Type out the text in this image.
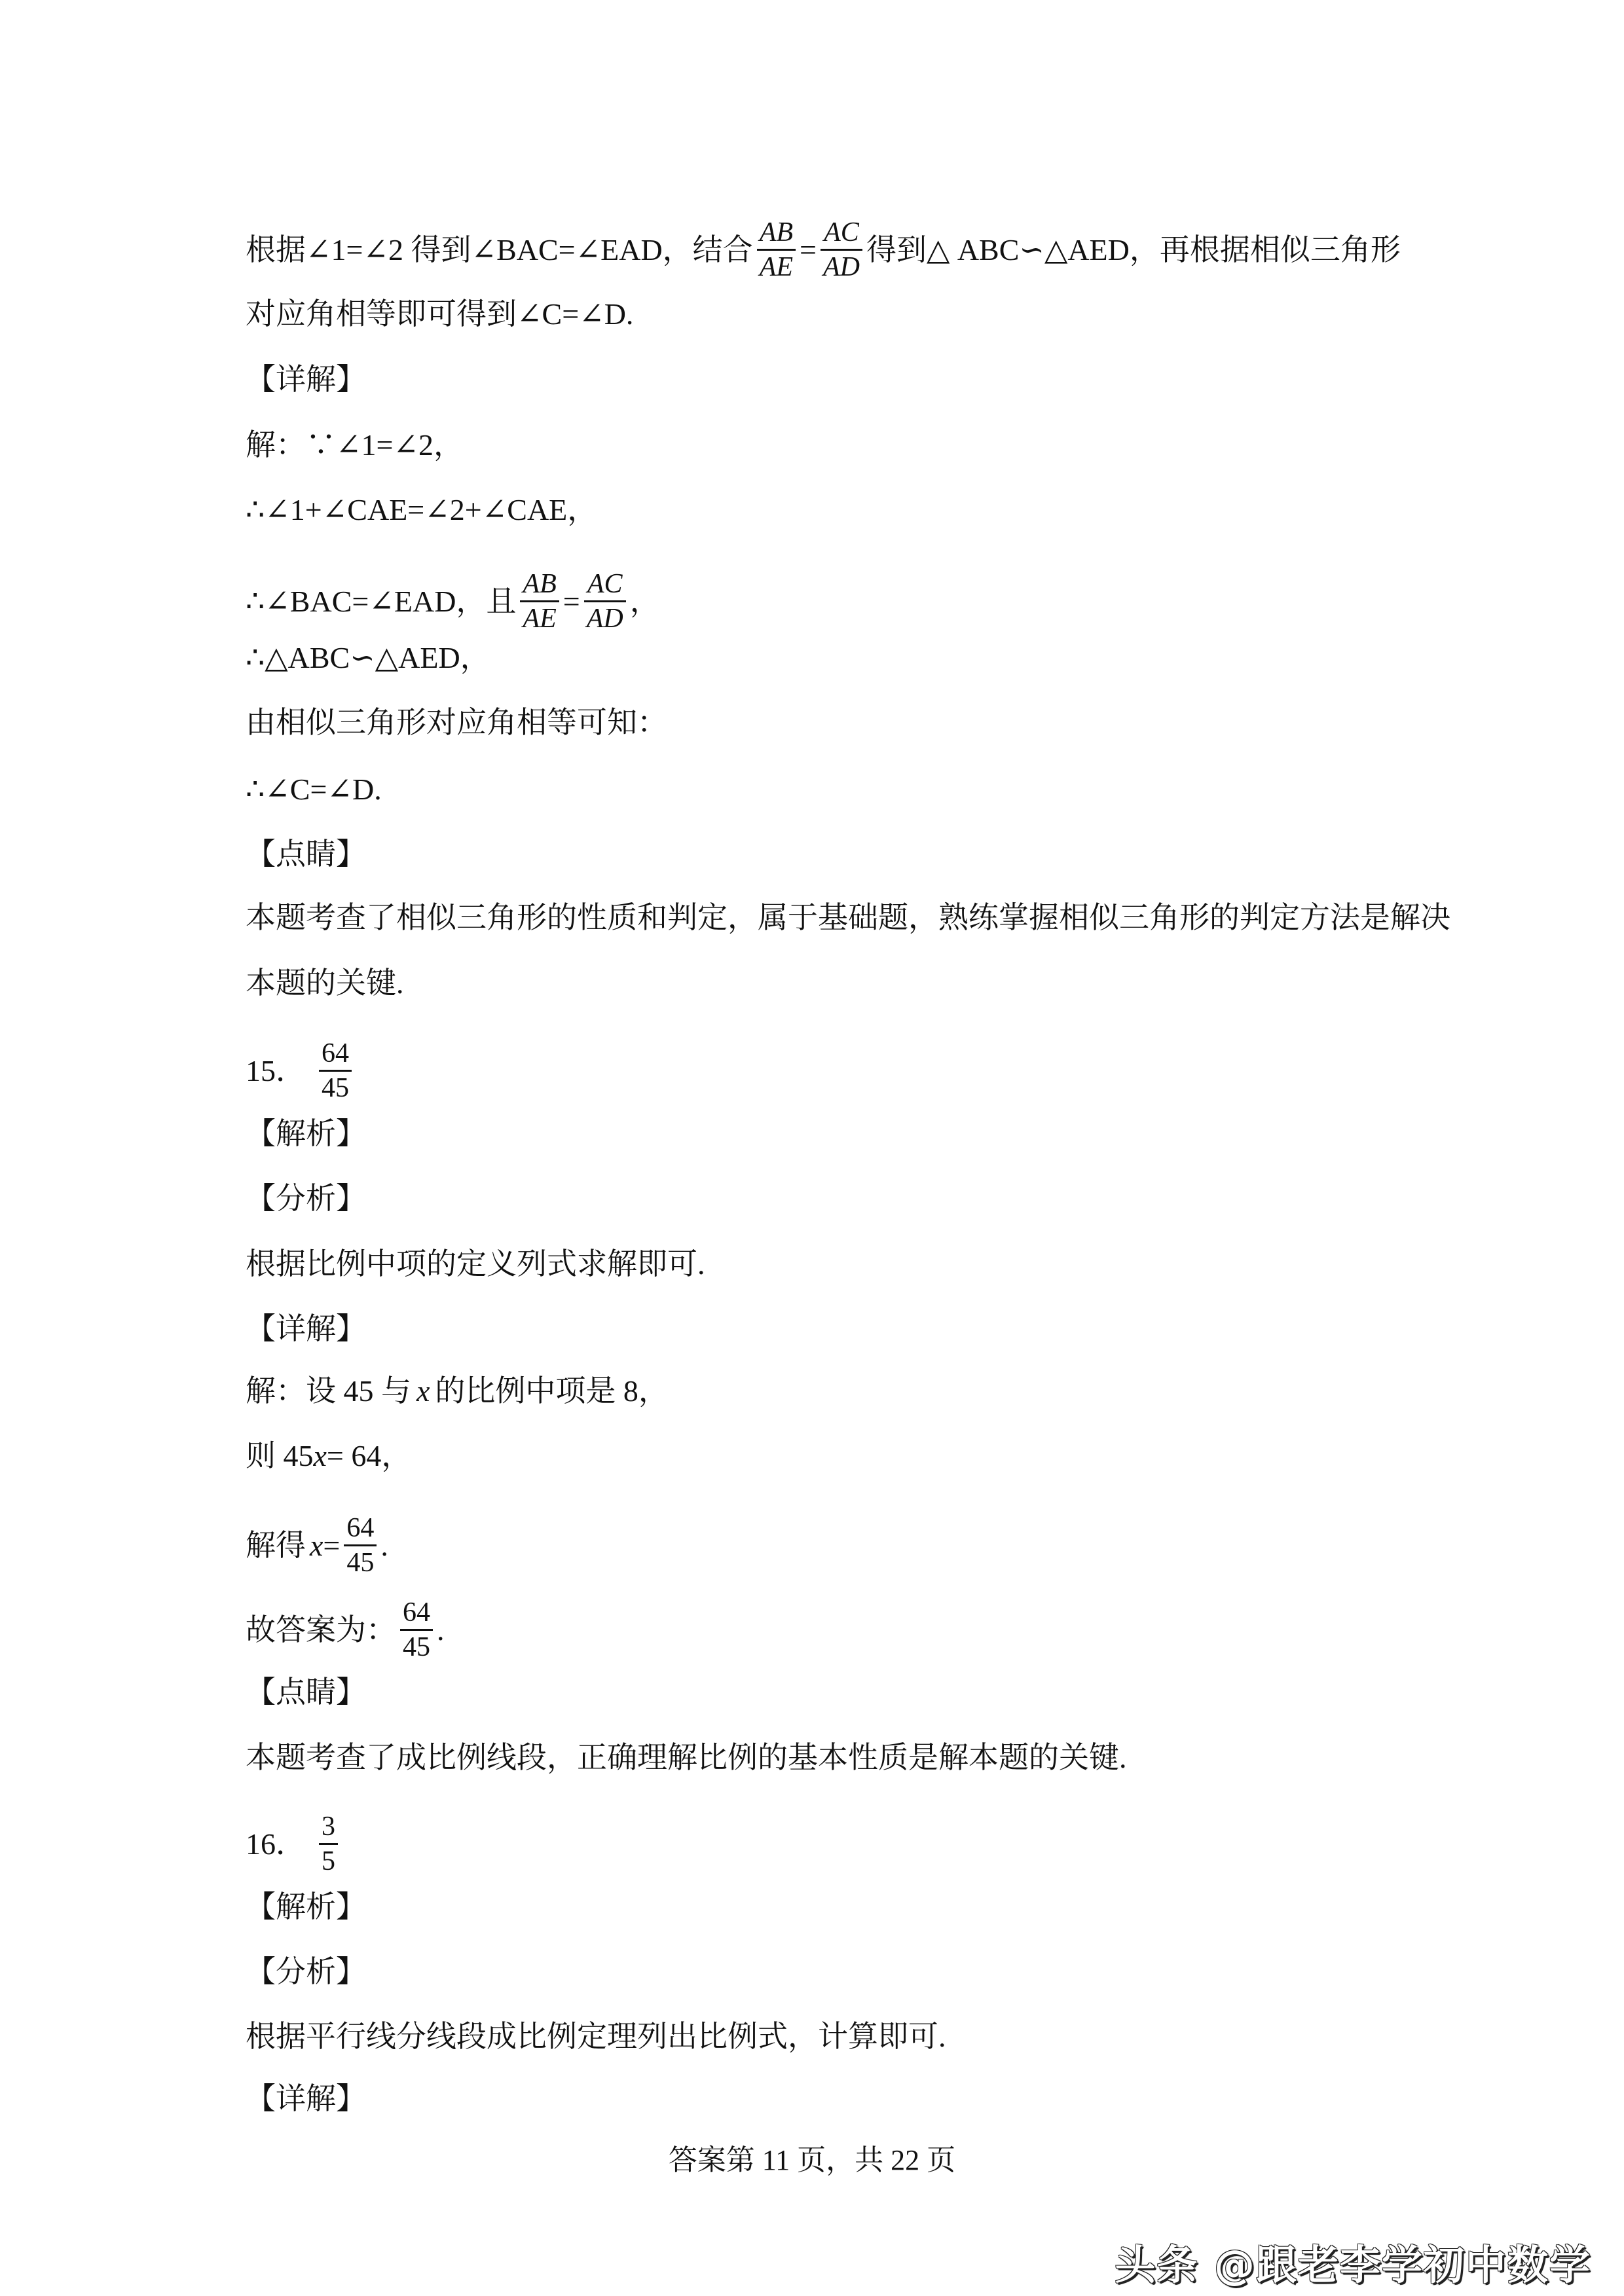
根据∠1=∠2 得到∠BAC=∠EAD，结合 $\frac{AB}{AE} = \frac{AC}{AD}$ 得到△ ABC∽△AED，再根据相似三角形
对应角相等即可得到∠C=∠D.
【详解】
解：∵∠1=∠2，
∴∠1+∠CAE=∠2+∠CAE，
∴∠BAC=∠EAD，且 $\frac{AB}{AE} = \frac{AC}{AD}$ ，
∴△ABC∽△AED，
由相似三角形对应角相等可知：
∴∠C=∠D.
【点睛】
本题考查了相似三角形的性质和判定，属于基础题，熟练掌握相似三角形的判定方法是解决
本题的关键.
15． $\frac{64}{45}$
【解析】
【分析】
根据比例中项的定义列式求解即可.
【详解】
解：设 45 与 x 的比例中项是 8，
则 45 x = 64，
解得 $x = \frac{64}{45}$ .
故答案为： $\frac{64}{45}$ .
【点睛】
本题考查了成比例线段，正确理解比例的基本性质是解本题的关键.
16． $\frac{3}{5}$
【解析】
【分析】
根据平行线分线段成比例定理列出比例式，计算即可.
【详解】
答案第 11 页，共 22 页
头条 @跟老李学初中数学
